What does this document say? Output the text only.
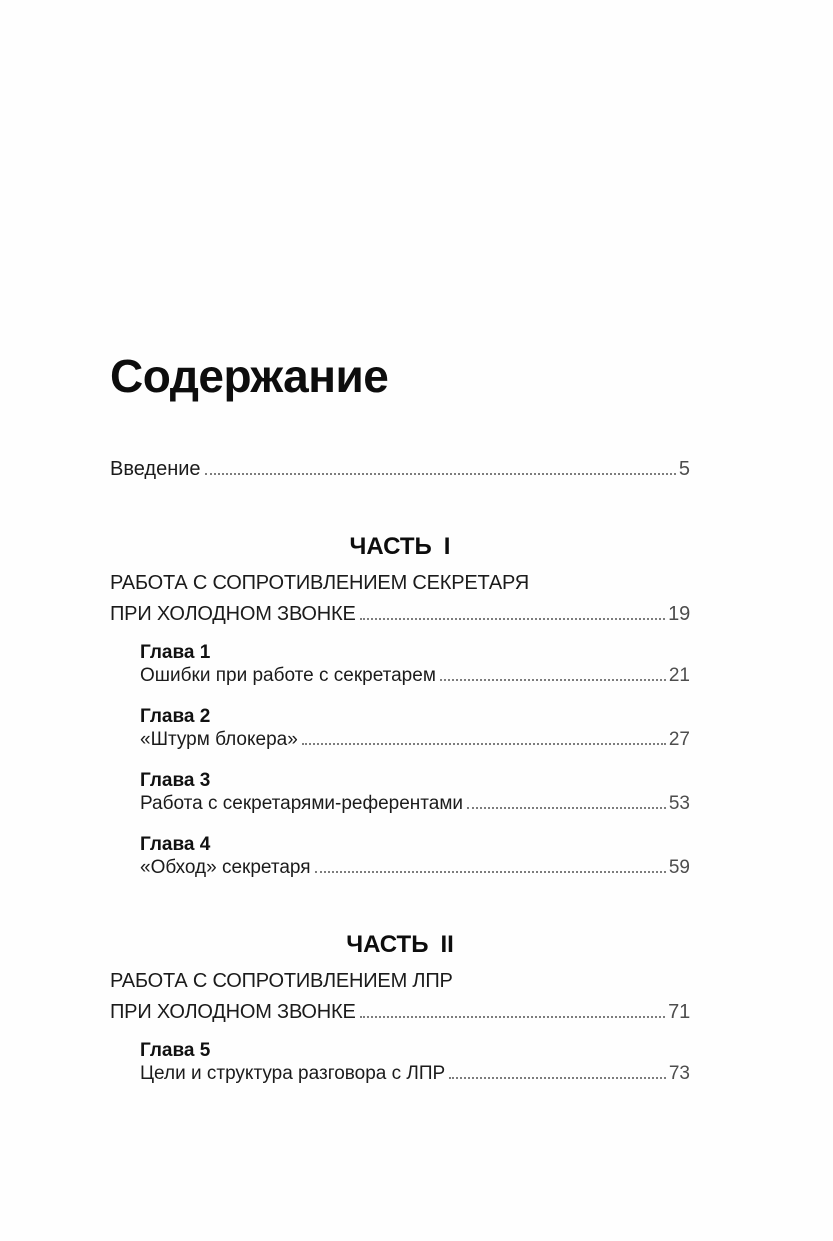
Содержание
Введение	5
ЧАСТЬ I
РАБОТА С СОПРОТИВЛЕНИЕМ СЕКРЕТАРЯ
ПРИ ХОЛОДНОМ ЗВОНКЕ	19
Глава 1
Ошибки при работе с секретарем	21
Глава 2
«Штурм блокера»	27
Глава 3
Работа с секретарями-референтами	53
Глава 4
«Обход» секретаря	59
ЧАСТЬ II
РАБОТА С СОПРОТИВЛЕНИЕМ ЛПР
ПРИ ХОЛОДНОМ ЗВОНКЕ	71
Глава 5
Цели и структура разговора с ЛПР	73
